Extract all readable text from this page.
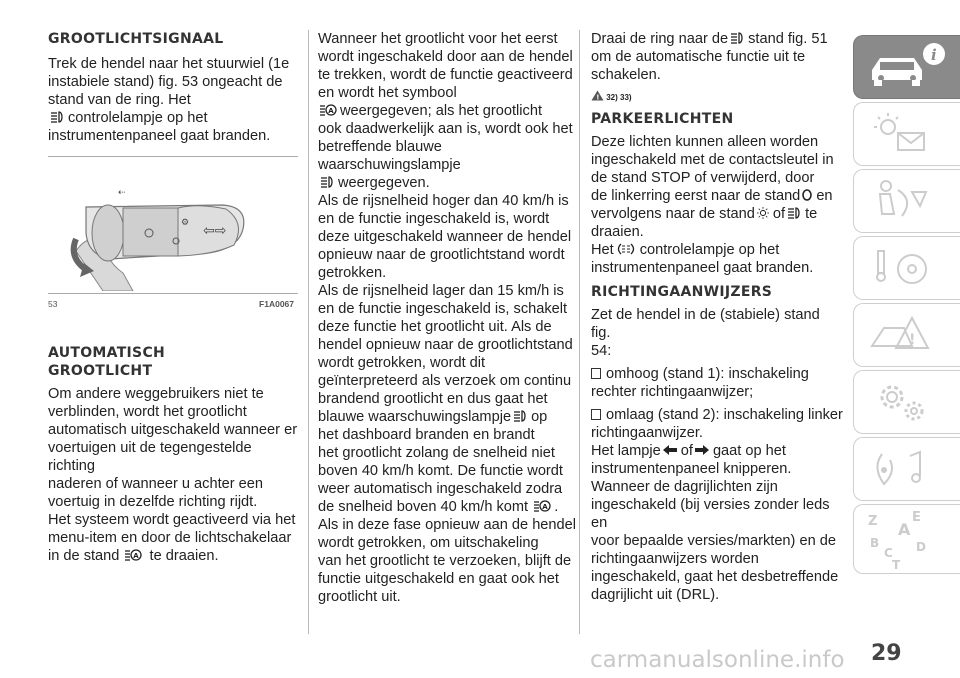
GROOTLICHTSIGNAAL

Trek de hendel naar het stuurwiel (1e

instabiele stand) fig. 53 ongeacht de

stand van de ring. Het

controlelampje op het

instrumentenpaneel gaat branden.

⚙ ⇦⇨
⇠
53	F1A0067

AUTOMATISCH

GROOTLICHT

Om andere weggebruikers niet te

verblinden, wordt het grootlicht

automatisch uitgeschakeld wanneer er

voertuigen uit de tegengestelde richting

naderen of wanneer u achter een

voertuig in dezelfde richting rijdt.

Het systeem wordt geactiveerd via het

menu-item en door de lichtschakelaar

in de stand A te draaien.

Wanneer het grootlicht voor het eerst

wordt ingeschakeld door aan de hendel

te trekken, wordt de functie geactiveerd

en wordt het symbool

A weergegeven; als het grootlicht

ook daadwerkelijk aan is, wordt ook het

betreffende blauwe

waarschuwingslampje

weergegeven.

Als de rijsnelheid hoger dan 40 km/h is

en de functie ingeschakeld is, wordt

deze uitgeschakeld wanneer de hendel

opnieuw naar de grootlichtstand wordt

getrokken.

Als de rijsnelheid lager dan 15 km/h is

en de functie ingeschakeld is, schakelt

deze functie het grootlicht uit. Als de

hendel opnieuw naar de grootlichtstand

wordt getrokken, wordt dit

geïnterpreteerd als verzoek om continu

brandend grootlicht en dus gaat het

blauwe waarschuwingslampje op

het dashboard branden en brandt

het grootlicht zolang de snelheid niet

boven 40 km/h komt. De functie wordt

weer automatisch ingeschakeld zodra

de snelheid boven 40 km/h komt A .

Als in deze fase opnieuw aan de hendel

wordt getrokken, om uitschakeling

van het grootlicht te verzoeken, blijft de

functie uitgeschakeld en gaat ook het

grootlicht uit.

Draai de ring naar de stand fig. 51

om de automatische functie uit te

schakelen.

! 32) 33)

PARKEERLICHTEN

Deze lichten kunnen alleen worden

ingeschakeld met de contactsleutel in

de stand STOP of verwijderd, door

de linkerring eerst naar de stand en

vervolgens naar de stand of te

draaien.

Het controlelampje op het

instrumentenpaneel gaat branden.

RICHTINGAANWIJZERS

Zet de hendel in de (stabiele) stand fig.

54:

omhoog (stand 1): inschakeling

rechter richtingaanwijzer;

omlaag (stand 2): inschakeling linker

richtingaanwijzer.

Het lampje of gaat op het

instrumentenpaneel knipperen.

Wanneer de dagrijlichten zijn

ingeschakeld (bij versies zonder leds en

voor bepaalde versies/markten) en de

richtingaanwijzers worden

ingeschakeld, gaat het desbetreffende

dagrijlicht uit (DRL).

i
!
Z	E
A
B
C D
T
29
carmanualsonline.info
